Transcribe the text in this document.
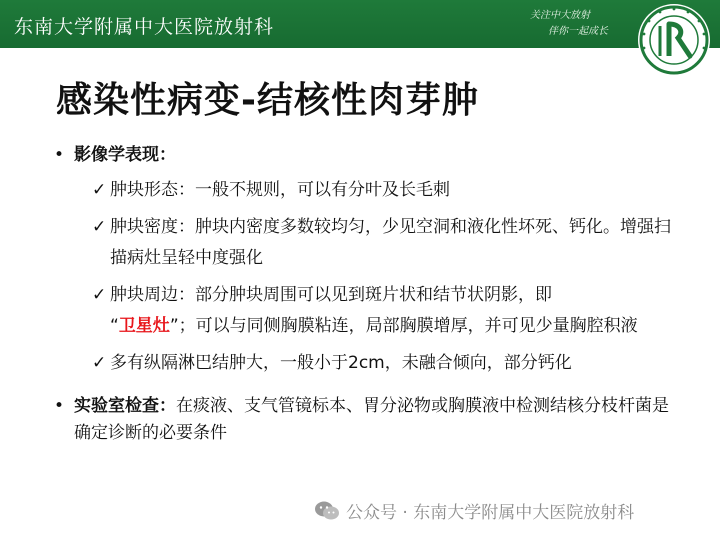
东南大学附属中大医院放射科
关注中大放射
伴你一起成长
感染性病变-结核性肉芽肿
• 影像学表现：
✓ 肿块形态：一般不规则，可以有分叶及长毛刺
✓ 肿块密度：肿块内密度多数较均匀，少见空洞和液化性坏死、钙化。增强扫描病灶呈轻中度强化
✓ 肿块周边：部分肿块周围可以见到斑片状和结节状阴影，即
“卫星灶”；可以与同侧胸膜粘连，局部胸膜增厚，并可见少量胸腔积液
✓ 多有纵隔淋巴结肿大，一般小于2cm，未融合倾向，部分钙化
• 实验室检查：在痰液、支气管镜标本、胃分泌物或胸膜液中检测结核分枝杆菌是确定诊断的必要条件
公众号 · 东南大学附属中大医院放射科
